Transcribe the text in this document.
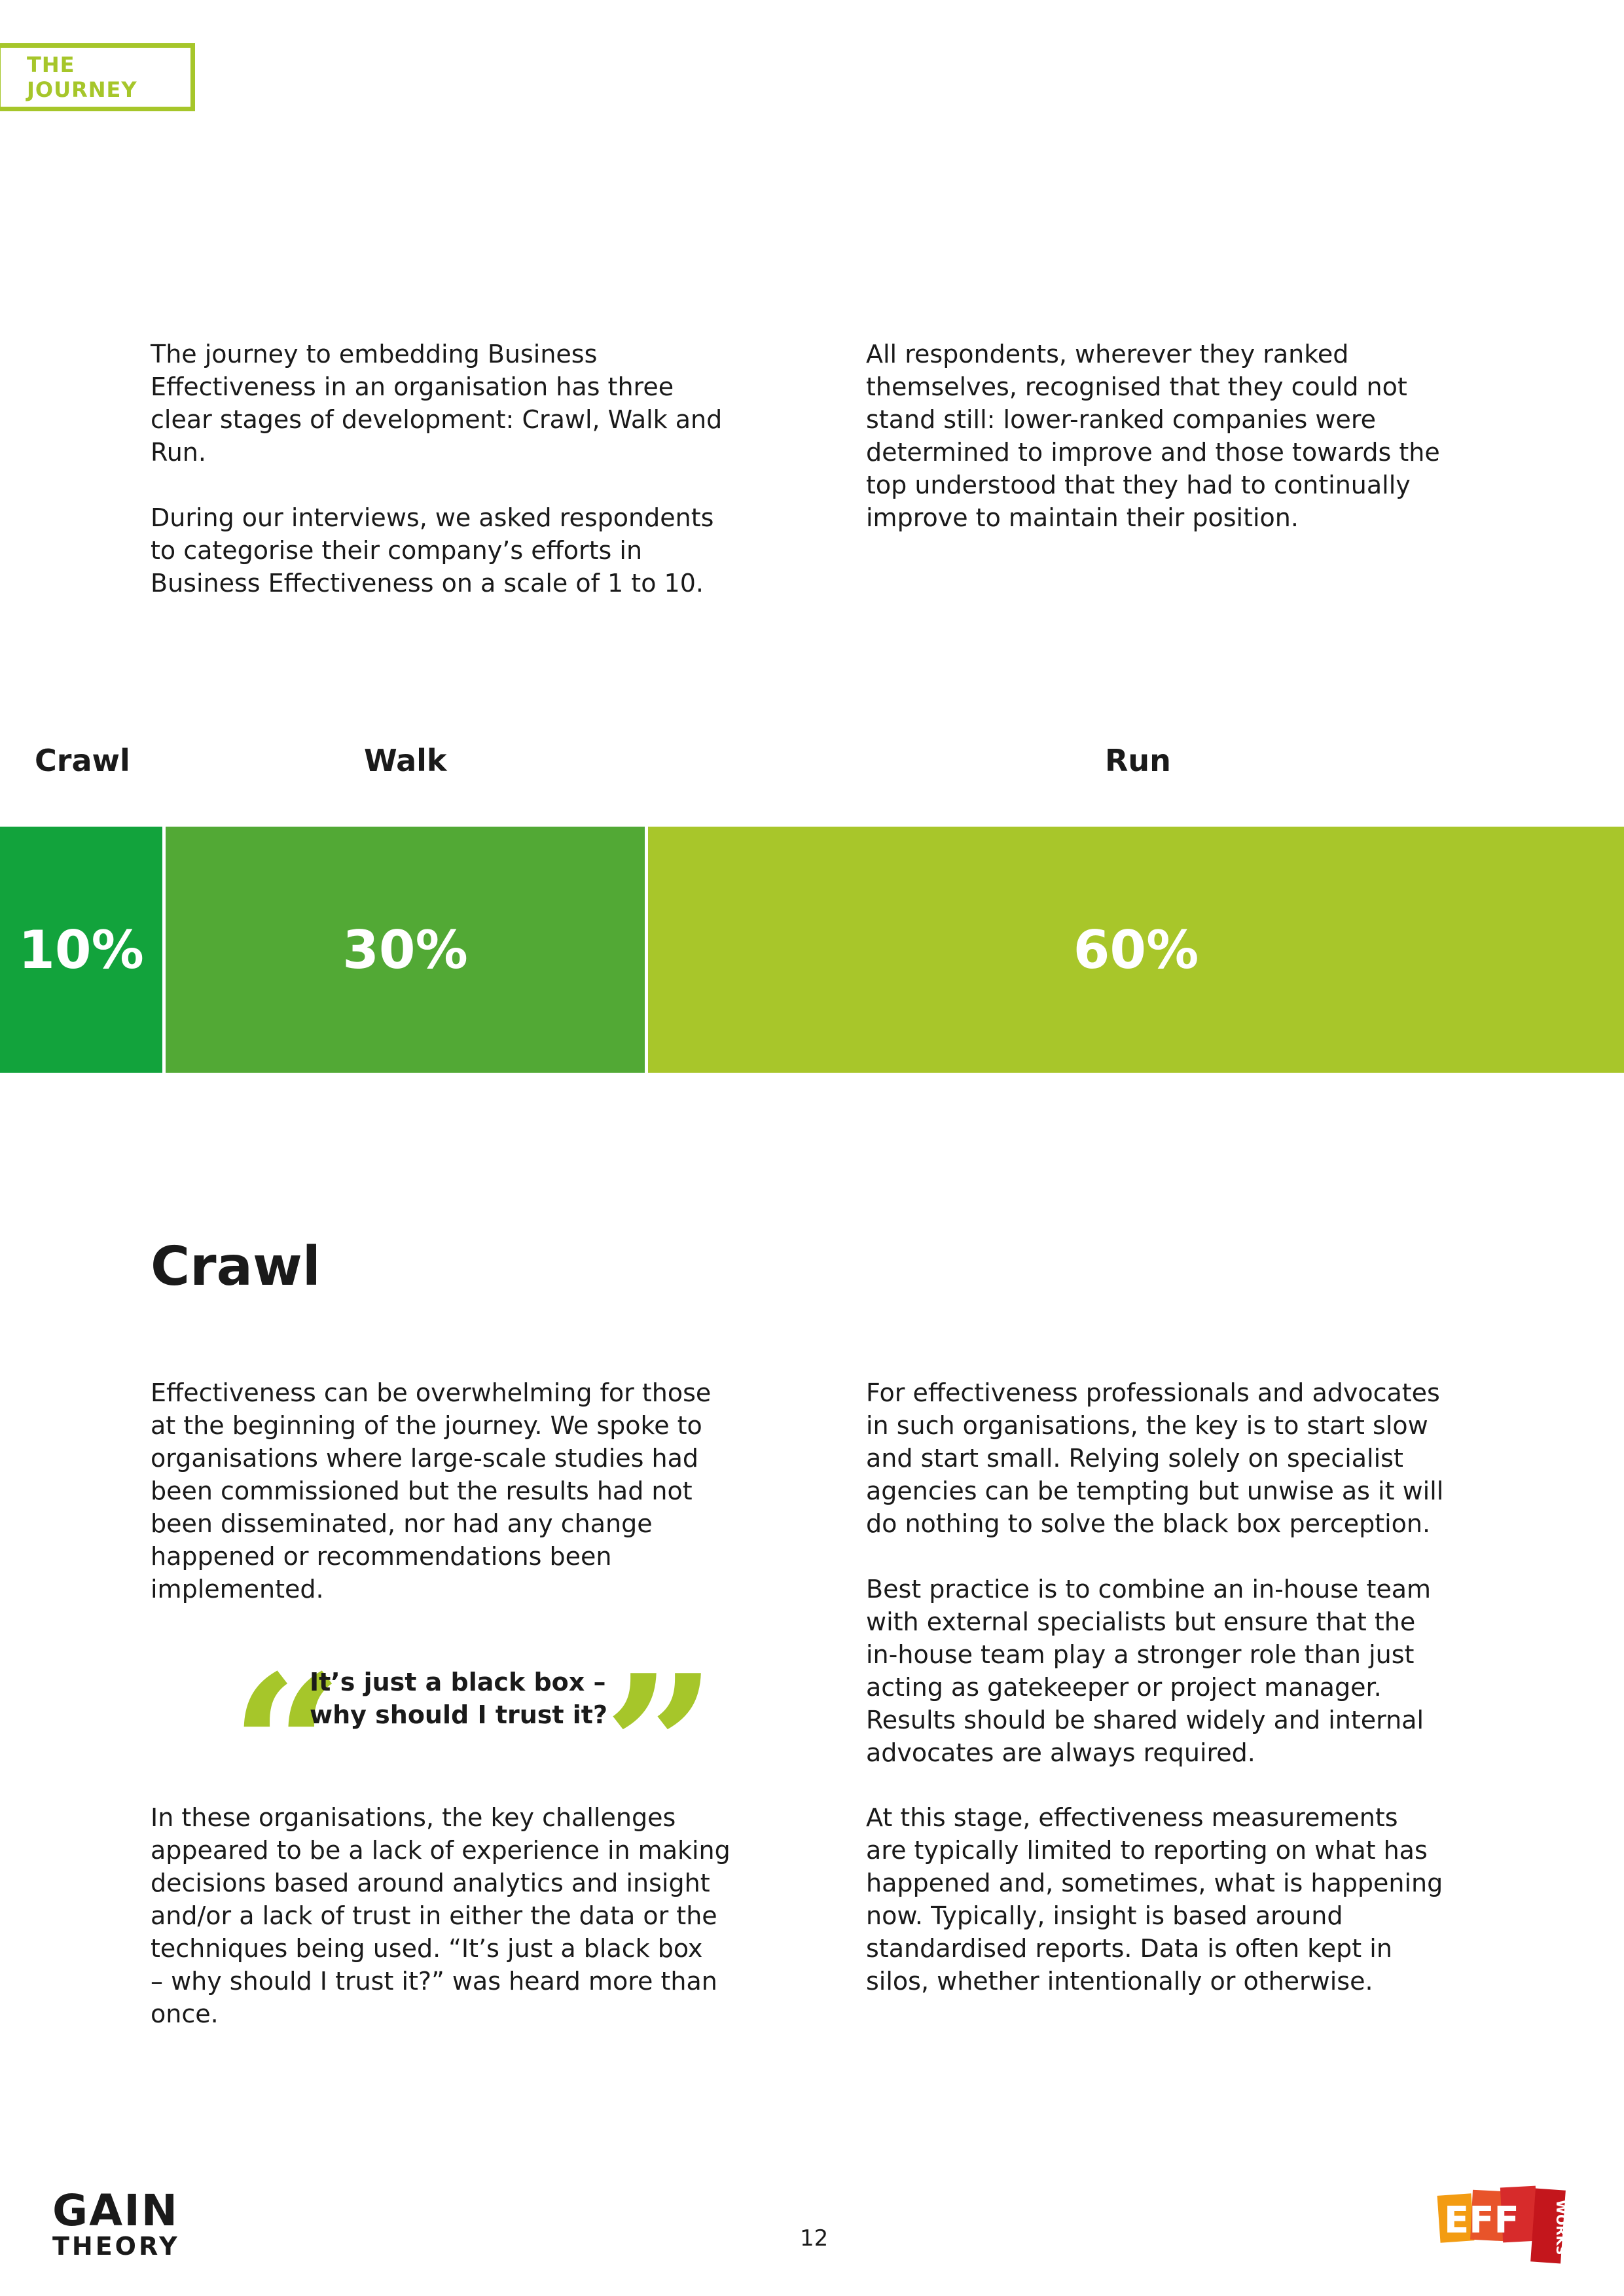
THE JOURNEY

The journey to embedding Business
Effectiveness in an organisation has three
clear stages of development: Crawl, Walk and
Run.

During our interviews, we asked respondents
to categorise their company’s efforts in
Business Effectiveness on a scale of 1 to 10.

All respondents, wherever they ranked
themselves, recognised that they could not
stand still: lower-ranked companies were
determined to improve and those towards the
top understood that they had to continually
improve to maintain their position.

Crawl	Walk	Run
10%	30%	60%
Crawl

Effectiveness can be overwhelming for those
at the beginning of the journey. We spoke to
organisations where large-scale studies had
been commissioned but the results had not
been disseminated, nor had any change
happened or recommendations been
implemented.

“

It’s just a black box –
why should I trust it?

”

In these organisations, the key challenges
appeared to be a lack of experience in making
decisions based around analytics and insight
and/or a lack of trust in either the data or the
techniques being used. “It’s just a black box
– why should I trust it?” was heard more than
once.

For effectiveness professionals and advocates
in such organisations, the key is to start slow
and start small. Relying solely on specialist
agencies can be tempting but unwise as it will
do nothing to solve the black box perception.

Best practice is to combine an in-house team
with external specialists but ensure that the
in-house team play a stronger role than just
acting as gatekeeper or project manager.
Results should be shared widely and internal
advocates are always required.

At this stage, effectiveness measurements
are typically limited to reporting on what has
happened and, sometimes, what is happening
now. Typically, insight is based around
standardised reports. Data is often kept in
silos, whether intentionally or otherwise.

GAIN
THEORY	12	EFF	WORKS
